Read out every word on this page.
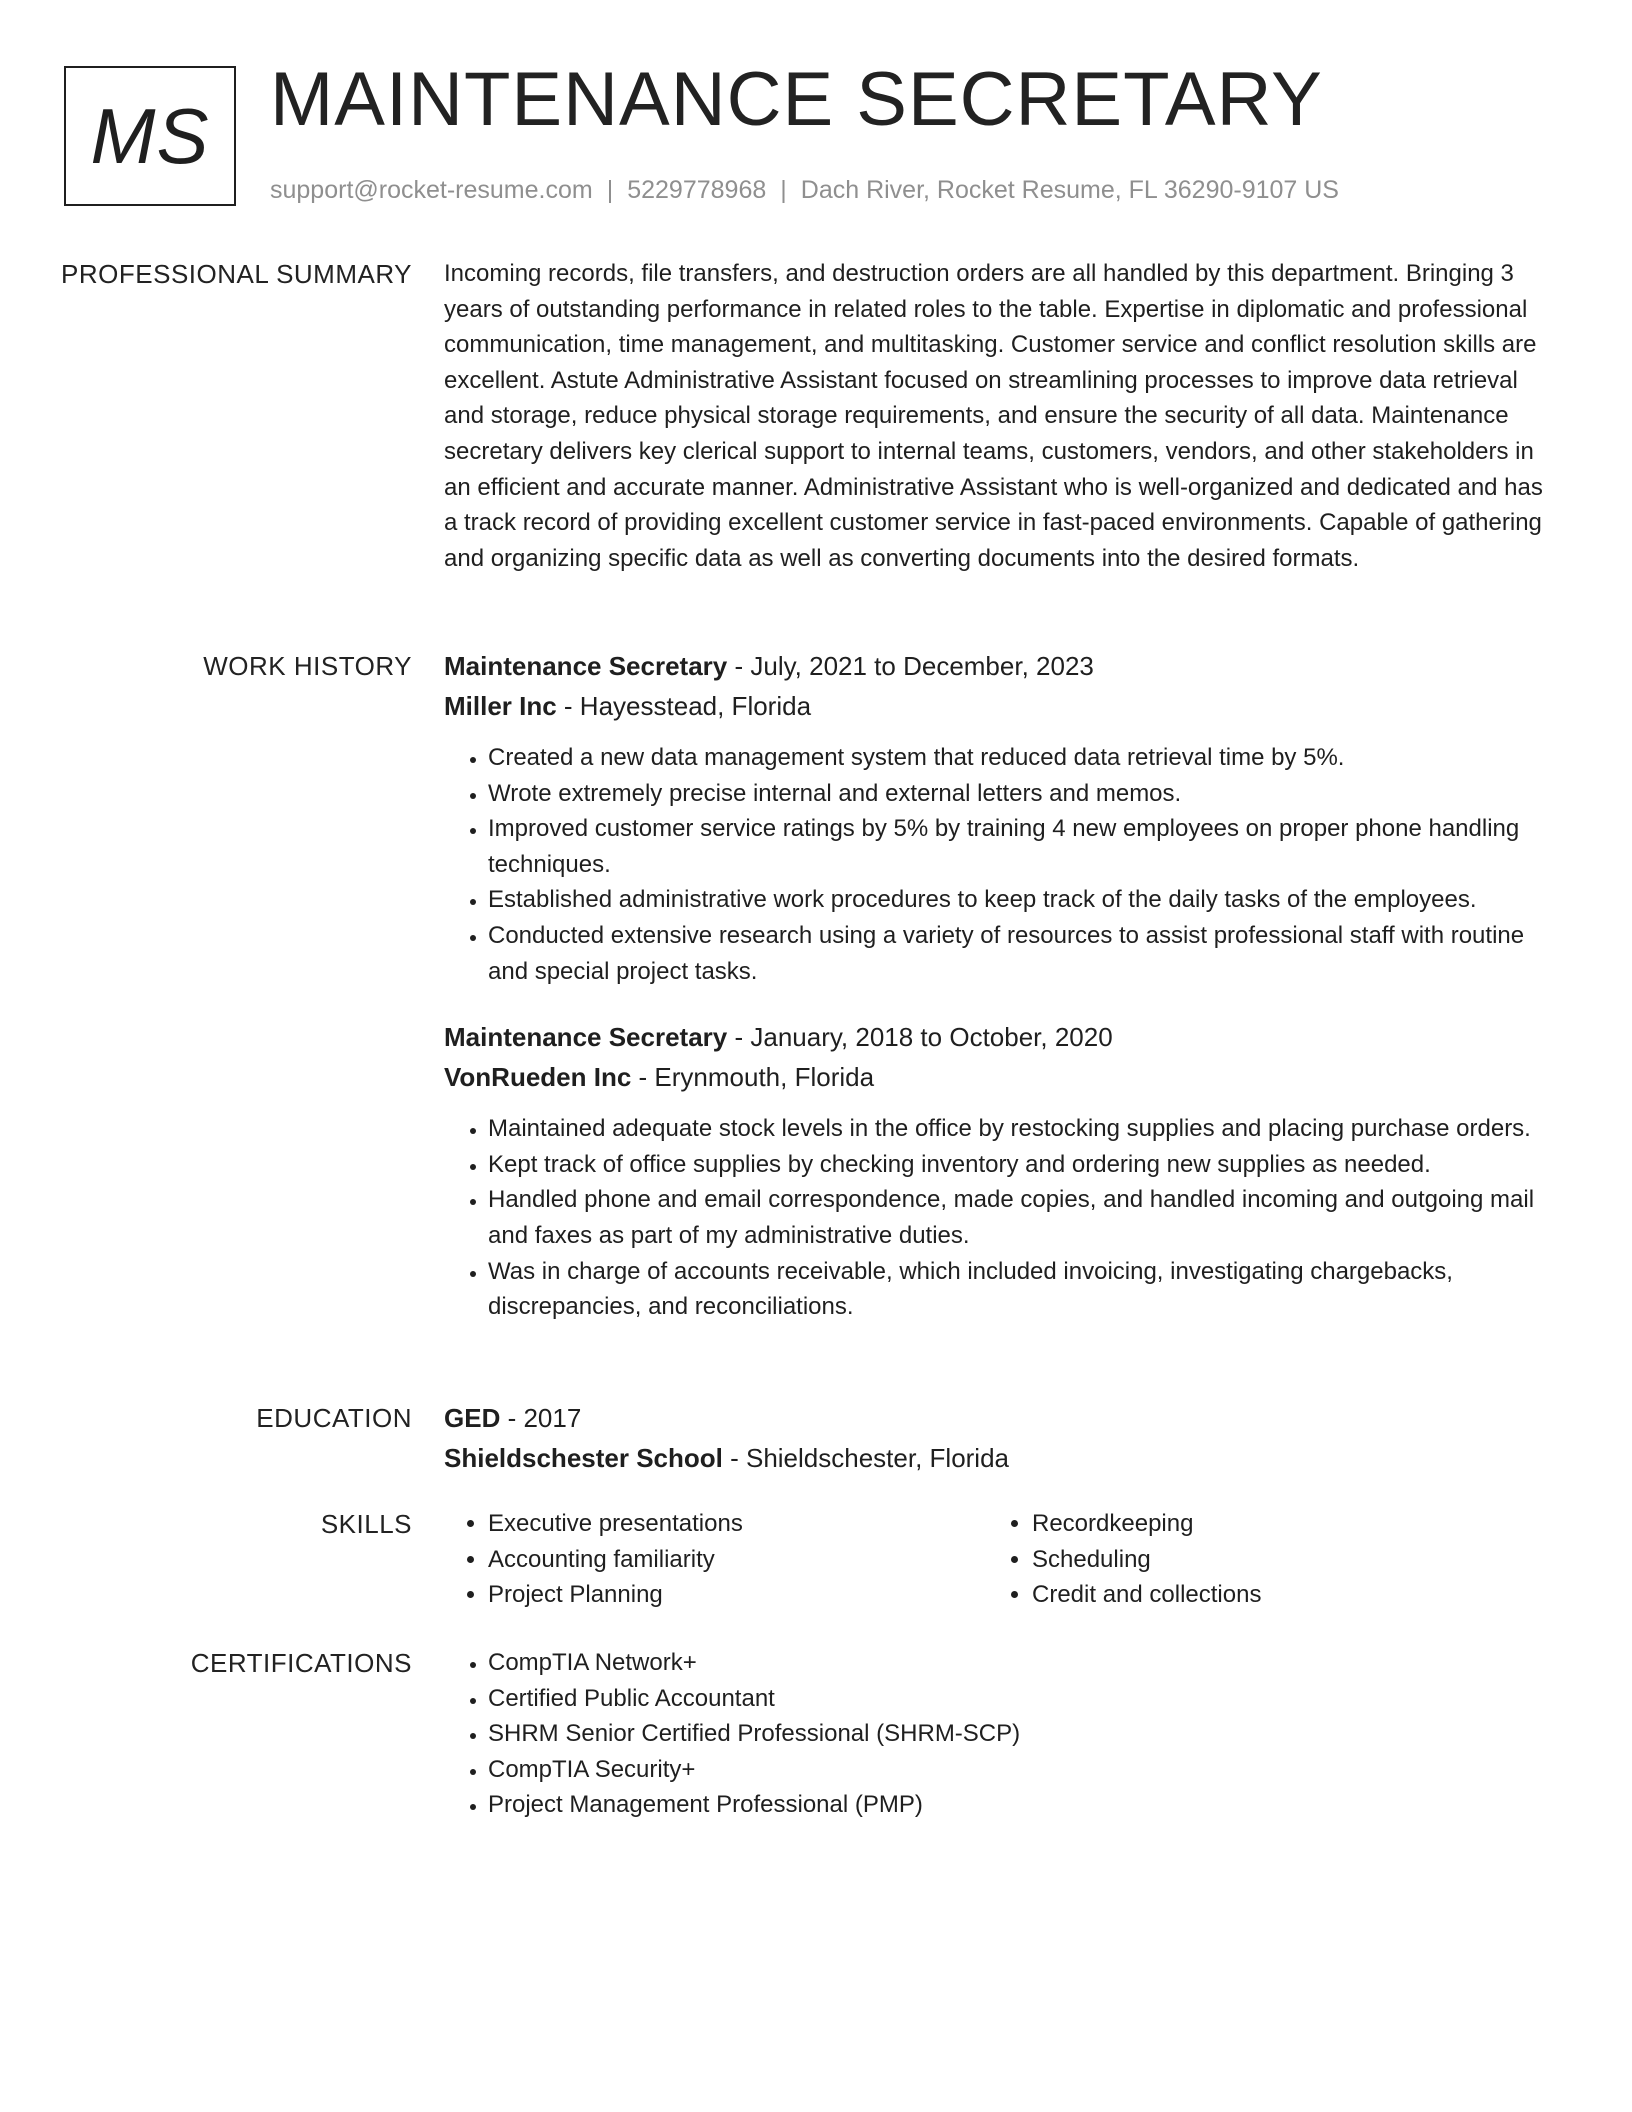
MS MAINTENANCE SECRETARY
support@rocket-resume.com | 5229778968 | Dach River, Rocket Resume, FL 36290-9107 US
PROFESSIONAL SUMMARY Incoming records, file transfers, and destruction orders are all handled by this department. Bringing 3 years of outstanding performance in related roles to the table. Expertise in diplomatic and professional communication, time management, and multitasking. Customer service and conflict resolution skills are excellent. Astute Administrative Assistant focused on streamlining processes to improve data retrieval and storage, reduce physical storage requirements, and ensure the security of all data. Maintenance secretary delivers key clerical support to internal teams, customers, vendors, and other stakeholders in an efficient and accurate manner. Administrative Assistant who is well-organized and dedicated and has a track record of providing excellent customer service in fast-paced environments. Capable of gathering and organizing specific data as well as converting documents into the desired formats.

WORK HISTORY Maintenance Secretary - July, 2021 to December, 2023

Miller Inc - Hayesstead, Florida

• Created a new data management system that reduced data retrieval time by 5%.
• Wrote extremely precise internal and external letters and memos.
• Improved customer service ratings by 5% by training 4 new employees on proper phone handling techniques.
• Established administrative work procedures to keep track of the daily tasks of the employees.
• Conducted extensive research using a variety of resources to assist professional staff with routine and special project tasks.

Maintenance Secretary - January, 2018 to October, 2020

VonRueden Inc - Erynmouth, Florida

• Maintained adequate stock levels in the office by restocking supplies and placing purchase orders.
• Kept track of office supplies by checking inventory and ordering new supplies as needed.
• Handled phone and email correspondence, made copies, and handled incoming and outgoing mail and faxes as part of my administrative duties.
• Was in charge of accounts receivable, which included invoicing, investigating chargebacks, discrepancies, and reconciliations.
EDUCATION GED - 2017

Shieldschester School - Shieldschester, Florida

SKILLS	• Executive presentations
• Accounting familiarity
• Project Planning
• Recordkeeping
• Scheduling
• Credit and collections
CERTIFICATIONS	• CompTIA Network+
• Certified Public Accountant
• SHRM Senior Certified Professional (SHRM-SCP)
• CompTIA Security+
• Project Management Professional (PMP)
